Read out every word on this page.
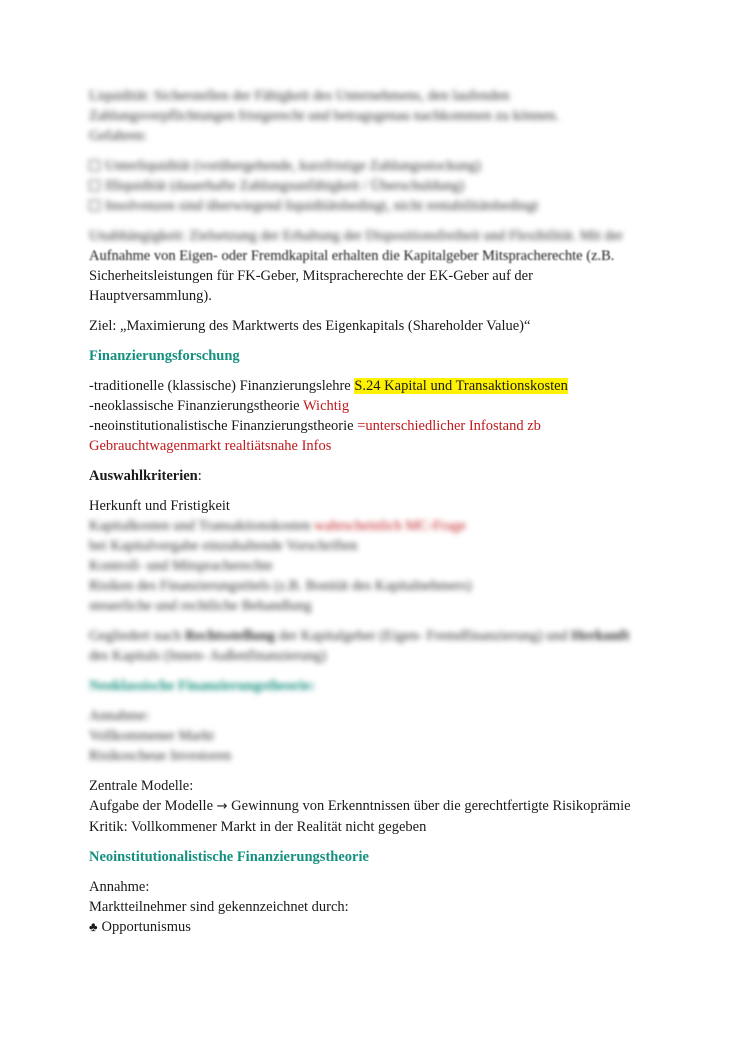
Liquidität: Sicherstellen der Fähigkeit des Unternehmens, den laufenden

Zahlungsverpflichtungen fristgerecht und betragsgenau nachkommen zu können.

Gefahren:

Unterliquidität (vorübergehende, kurzfristige Zahlungsstockung)

Illiquidität (dauerhafte Zahlungsunfähigkeit / Überschuldung)

Insolvenzen sind überwiegend liquiditätsbedingt, nicht rentabilitätsbedingt

Unabhängigkeit: Zielsetzung der Erhaltung der Dispositionsfreiheit und Flexibilität. Mit der

Aufnahme von Eigen- oder Fremdkapital erhalten die Kapitalgeber Mitspracherechte (z.B.

Sicherheitsleistungen für FK-Geber, Mitspracherechte der EK-Geber auf der

Hauptversammlung).

Ziel: „Maximierung des Marktwerts des Eigenkapitals (Shareholder Value)“

Finanzierungsforschung

-traditionelle (klassische) Finanzierungslehre S.24 Kapital und Transaktionskosten

-neoklassische Finanzierungstheorie Wichtig

-neoinstitutionalistische Finanzierungstheorie =unterschiedlicher Infostand zb

Gebrauchtwagenmarkt realtiätsnahe Infos

Auswahlkriterien:

Herkunft und Fristigkeit

Kapitalkosten und Transaktionskosten wahrscheinlich MC-Frage

bei Kapitalvergabe einzuhaltende Vorschriften

Kontroll- und Mitspracherechte

Risiken des Finanzierungstitels (z.B. Bonität des Kapitalnehmers)

steuerliche und rechtliche Behandlung

Gegliedert nach Rechtsstellung der Kapitalgeber (Eigen- Fremdfinanzierung) und Herkunft

des Kapitals (Innen- Außenfinanzierung)

Neoklassische Finanzierungstheorie:

Annahme:

Vollkommener Markt

Risikoscheue Investoren

Zentrale Modelle:

Aufgabe der Modelle → Gewinnung von Erkenntnissen über die gerechtfertigte Risikoprämie

Kritik: Vollkommener Markt in der Realität nicht gegeben

Neoinstitutionalistische Finanzierungstheorie

Annahme:

Marktteilnehmer sind gekennzeichnet durch:

♣ Opportunismus
